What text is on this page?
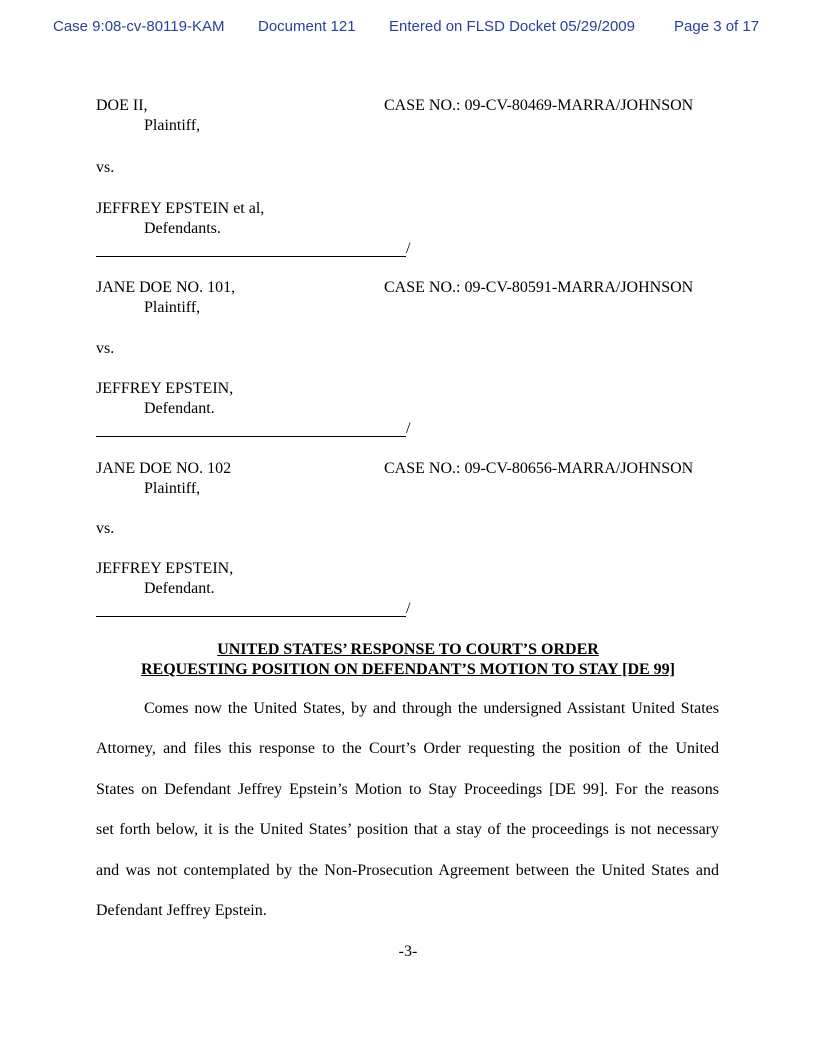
Case 9:08-cv-80119-KAM Document 121 Entered on FLSD Docket 05/29/2009	Page 3 of 17
DOE II,	CASE NO.: 09-CV-80469-MARRA/JOHNSON
Plaintiff,
vs.
JEFFREY EPSTEIN et al,
Defendants.
/
JANE DOE NO. 101,	CASE NO.: 09-CV-80591-MARRA/JOHNSON
Plaintiff,
vs.
JEFFREY EPSTEIN,
Defendant.
/
JANE DOE NO. 102	CASE NO.: 09-CV-80656-MARRA/JOHNSON
Plaintiff,
vs.
JEFFREY EPSTEIN,
Defendant.
/
UNITED STATES’ RESPONSE TO COURT’S ORDER
REQUESTING POSITION ON DEFENDANT’S MOTION TO STAY [DE 99]
Comes now the United States, by and through the undersigned Assistant United States
Attorney, and files this response to the Court’s Order requesting the position of the United
States on Defendant Jeffrey Epstein’s Motion to Stay Proceedings [DE 99]. For the reasons
set forth below, it is the United States’ position that a stay of the proceedings is not necessary
and was not contemplated by the Non-Prosecution Agreement between the United States and
Defendant Jeffrey Epstein.
-3-
